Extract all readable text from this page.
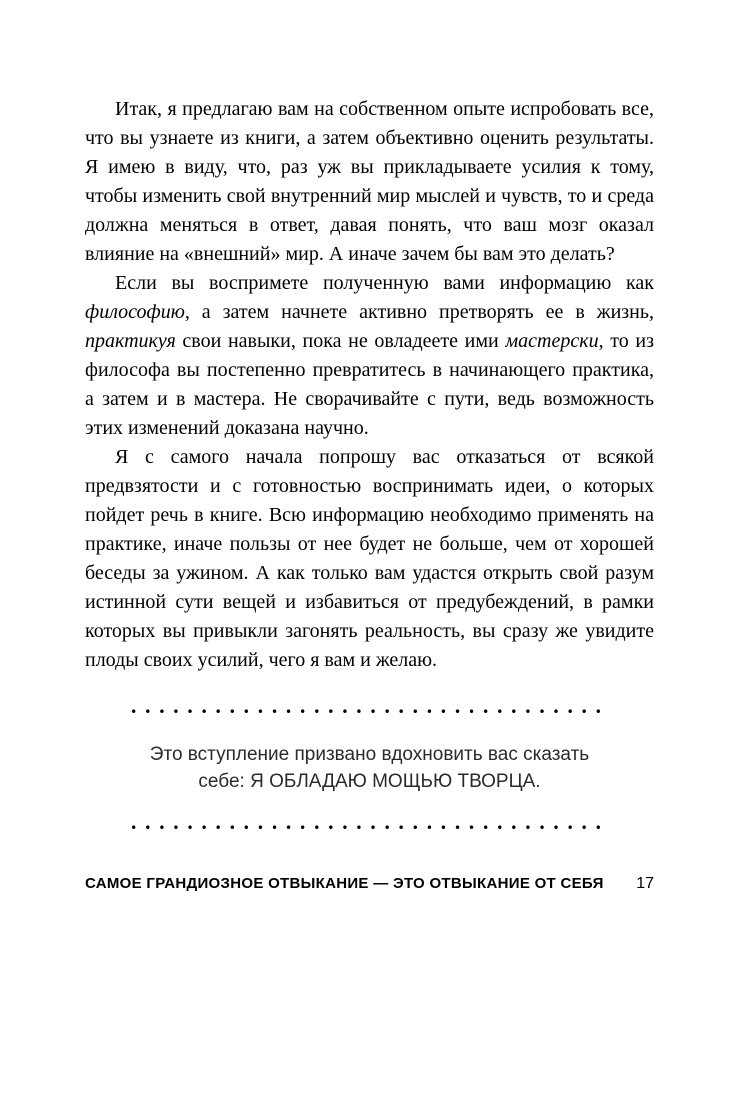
Итак, я предлагаю вам на собственном опыте испробовать все, что вы узнаете из книги, а затем объективно оценить результаты. Я имею в виду, что, раз уж вы прикладываете усилия к тому, чтобы изменить свой внутренний мир мыслей и чувств, то и среда должна меняться в ответ, давая понять, что ваш мозг оказал влияние на «внешний» мир. А иначе зачем бы вам это делать?

Если вы воспримете полученную вами информацию как философию, а затем начнете активно претворять ее в жизнь, практикуя свои навыки, пока не овладеете ими мастерски, то из философа вы постепенно превратитесь в начинающего практика, а затем и в мастера. Не сворачивайте с пути, ведь возможность этих изменений доказана научно.

Я с самого начала попрошу вас отказаться от всякой предвзятости и с готовностью воспринимать идеи, о которых пойдет речь в книге. Всю информацию необходимо применять на практике, иначе пользы от нее будет не больше, чем от хорошей беседы за ужином. А как только вам удастся открыть свой разум истинной сути вещей и избавиться от предубеждений, в рамки которых вы привыкли загонять реальность, вы сразу же увидите плоды своих усилий, чего я вам и желаю.

••••••••••••••••••••••••••••••••••
Это вступление призвано вдохновить вас сказать себе: Я ОБЛАДАЮ МОЩЬЮ ТВОРЦА.
••••••••••••••••••••••••••••••••••
САМОЕ ГРАНДИОЗНОЕ ОТВЫКАНИЕ — ЭТО ОТВЫКАНИЕ ОТ СЕБЯ 17
